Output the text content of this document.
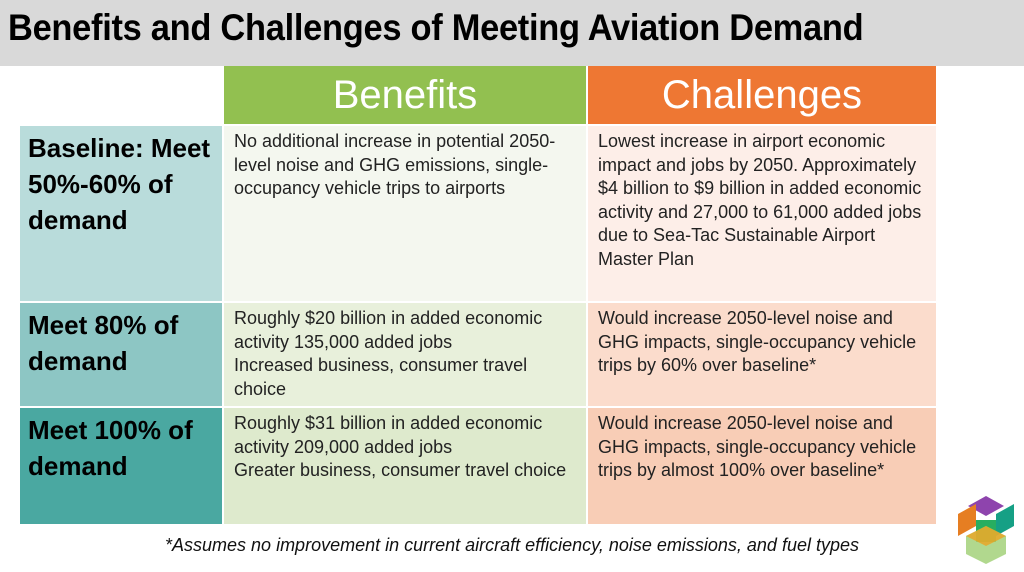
Benefits and Challenges of Meeting Aviation Demand
Benefits	Challenges
Baseline: Meet 50%-60% of demand
No additional increase in potential 2050-level noise and GHG emissions, single-occupancy vehicle trips to airports
Lowest increase in airport economic impact and jobs by 2050. Approximately $4 billion to $9 billion in added economic activity and 27,000 to 61,000 added jobs due to Sea-Tac Sustainable Airport Master Plan
Meet 80% of demand
Roughly $20 billion in added economic activity 135,000 added jobs
Increased business, consumer travel choice
Would increase 2050-level noise and GHG impacts, single-occupancy vehicle trips by 60% over baseline*
Meet 100% of demand
Roughly $31 billion in added economic activity 209,000 added jobs
Greater business, consumer travel choice
Would increase 2050-level noise and GHG impacts, single-occupancy vehicle trips by almost 100% over baseline*
*Assumes no improvement in current aircraft efficiency, noise emissions, and fuel types
